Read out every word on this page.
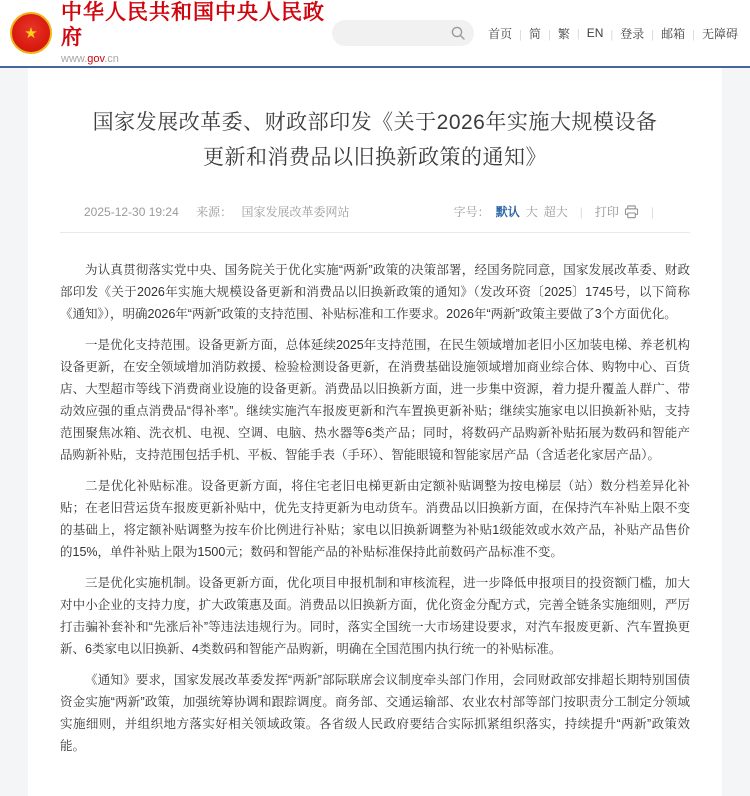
★
中华人民共和国中央人民政府
www.gov.cn
首页	| 简	| 繁	| EN	| 登录	| 邮箱	| 无障碍
国家发展改革委、财政部印发《关于2026年实施大规模设备更新和消费品以旧换新政策的通知》
2025-12-30 19:24 来源： 国家发展改革委网站	字号： 默认 大 超大 | 打印	|

为认真贯彻落实党中央、国务院关于优化实施“两新”政策的决策部署，经国务院同意，国家发展改革委、财政部印发《关于2026年实施大规模设备更新和消费品以旧换新政策的通知》（发改环资〔2025〕1745号，以下简称《通知》），明确2026年“两新”政策的支持范围、补贴标准和工作要求。2026年“两新”政策主要做了3个方面优化。

一是优化支持范围。设备更新方面，总体延续2025年支持范围，在民生领域增加老旧小区加装电梯、养老机构设备更新，在安全领域增加消防救援、检验检测设备更新，在消费基础设施领域增加商业综合体、购物中心、百货店、大型超市等线下消费商业设施的设备更新。消费品以旧换新方面，进一步集中资源，着力提升覆盖人群广、带动效应强的重点消费品“得补率”。继续实施汽车报废更新和汽车置换更新补贴；继续实施家电以旧换新补贴，支持范围聚焦冰箱、洗衣机、电视、空调、电脑、热水器等6类产品；同时，将数码产品购新补贴拓展为数码和智能产品购新补贴，支持范围包括手机、平板、智能手表（手环）、智能眼镜和智能家居产品（含适老化家居产品）。

二是优化补贴标准。设备更新方面，将住宅老旧电梯更新由定额补贴调整为按电梯层（站）数分档差异化补贴；在老旧营运货车报废更新补贴中，优先支持更新为电动货车。消费品以旧换新方面，在保持汽车补贴上限不变的基础上，将定额补贴调整为按车价比例进行补贴；家电以旧换新调整为补贴1级能效或水效产品，补贴产品售价的15%，单件补贴上限为1500元；数码和智能产品的补贴标准保持此前数码产品标准不变。

三是优化实施机制。设备更新方面，优化项目申报机制和审核流程，进一步降低申报项目的投资额门槛，加大对中小企业的支持力度，扩大政策惠及面。消费品以旧换新方面，优化资金分配方式，完善全链条实施细则，严厉打击骗补套补和“先涨后补”等违法违规行为。同时，落实全国统一大市场建设要求，对汽车报废更新、汽车置换更新、6类家电以旧换新、4类数码和智能产品购新，明确在全国范围内执行统一的补贴标准。

《通知》要求，国家发展改革委发挥“两新”部际联席会议制度牵头部门作用，会同财政部安排超长期特别国债资金实施“两新”政策，加强统筹协调和跟踪调度。商务部、交通运输部、农业农村部等部门按职责分工制定分领域实施细则，并组织地方落实好相关领域政策。各省级人民政府要结合实际抓紧组织落实，持续提升“两新”政策效能。
